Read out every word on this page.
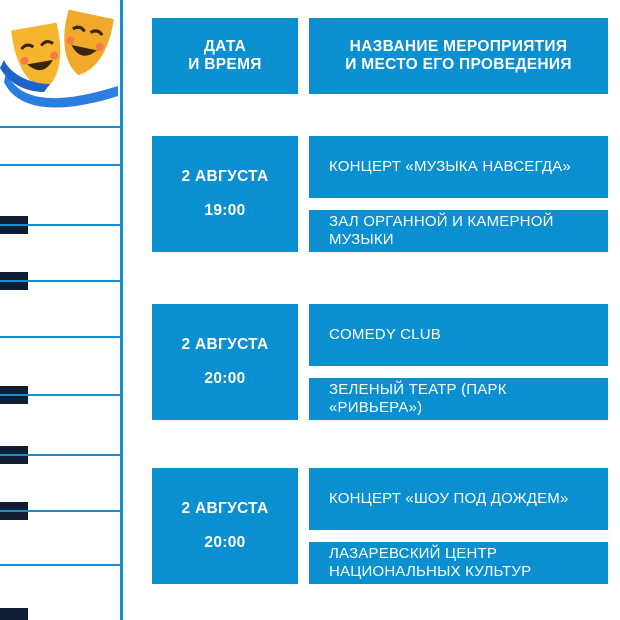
ДАТА
И ВРЕМЯ
НАЗВАНИЕ МЕРОПРИЯТИЯ
И МЕСТО ЕГО ПРОВЕДЕНИЯ
2 АВГУСТА
19:00
КОНЦЕРТ «МУЗЫКА НАВСЕГДА»
ЗАЛ ОРГАННОЙ И КАМЕРНОЙ МУЗЫКИ
2 АВГУСТА
20:00
COMEDY CLUB
ЗЕЛЕНЫЙ ТЕАТР (ПАРК «РИВЬЕРА»)
2 АВГУСТА
20:00
КОНЦЕРТ «ШОУ ПОД ДОЖДЕМ»
ЛАЗАРЕВСКИЙ ЦЕНТР НАЦИОНАЛЬНЫХ КУЛЬТУР
